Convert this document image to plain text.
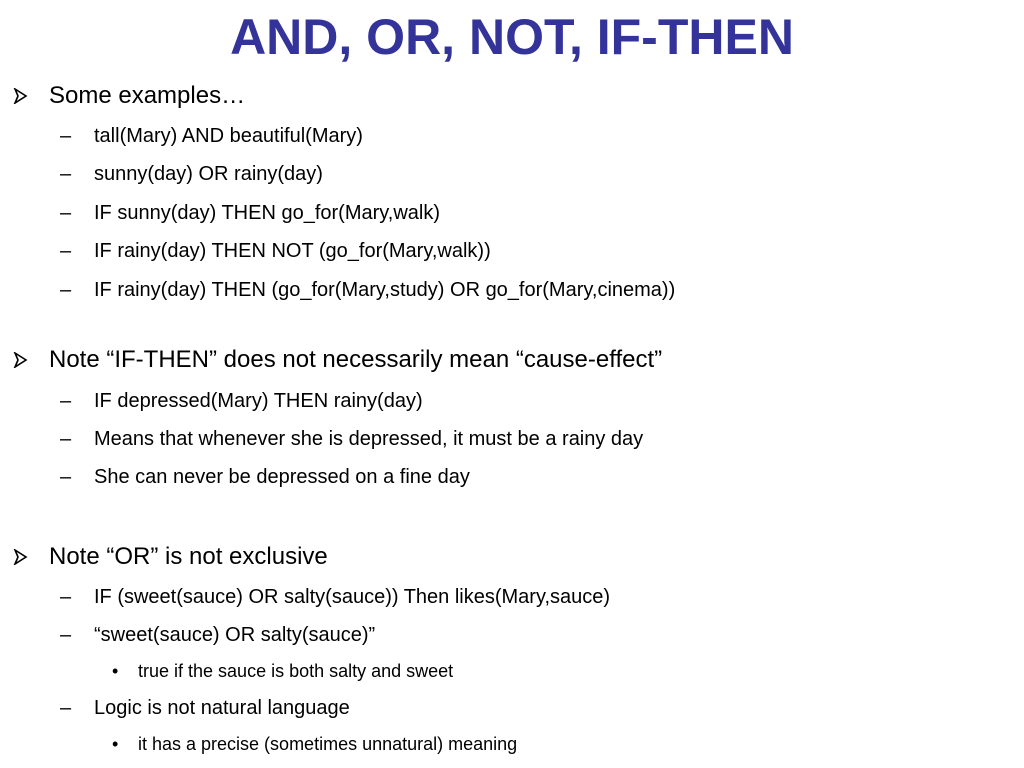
AND, OR, NOT, IF-THEN
Some examples…
– tall(Mary) AND beautiful(Mary)
– sunny(day) OR rainy(day)
– IF sunny(day) THEN go_for(Mary,walk)
– IF rainy(day) THEN NOT (go_for(Mary,walk))
– IF rainy(day) THEN (go_for(Mary,study) OR go_for(Mary,cinema))
Note “IF-THEN” does not necessarily mean “cause-effect”
– IF depressed(Mary) THEN rainy(day)
– Means that whenever she is depressed, it must be a rainy day
– She can never be depressed on a fine day
Note “OR” is not exclusive
– IF (sweet(sauce) OR salty(sauce)) Then likes(Mary,sauce)
– “sweet(sauce) OR salty(sauce)”
• true if the sauce is both salty and sweet
– Logic is not natural language
• it has a precise (sometimes unnatural) meaning
